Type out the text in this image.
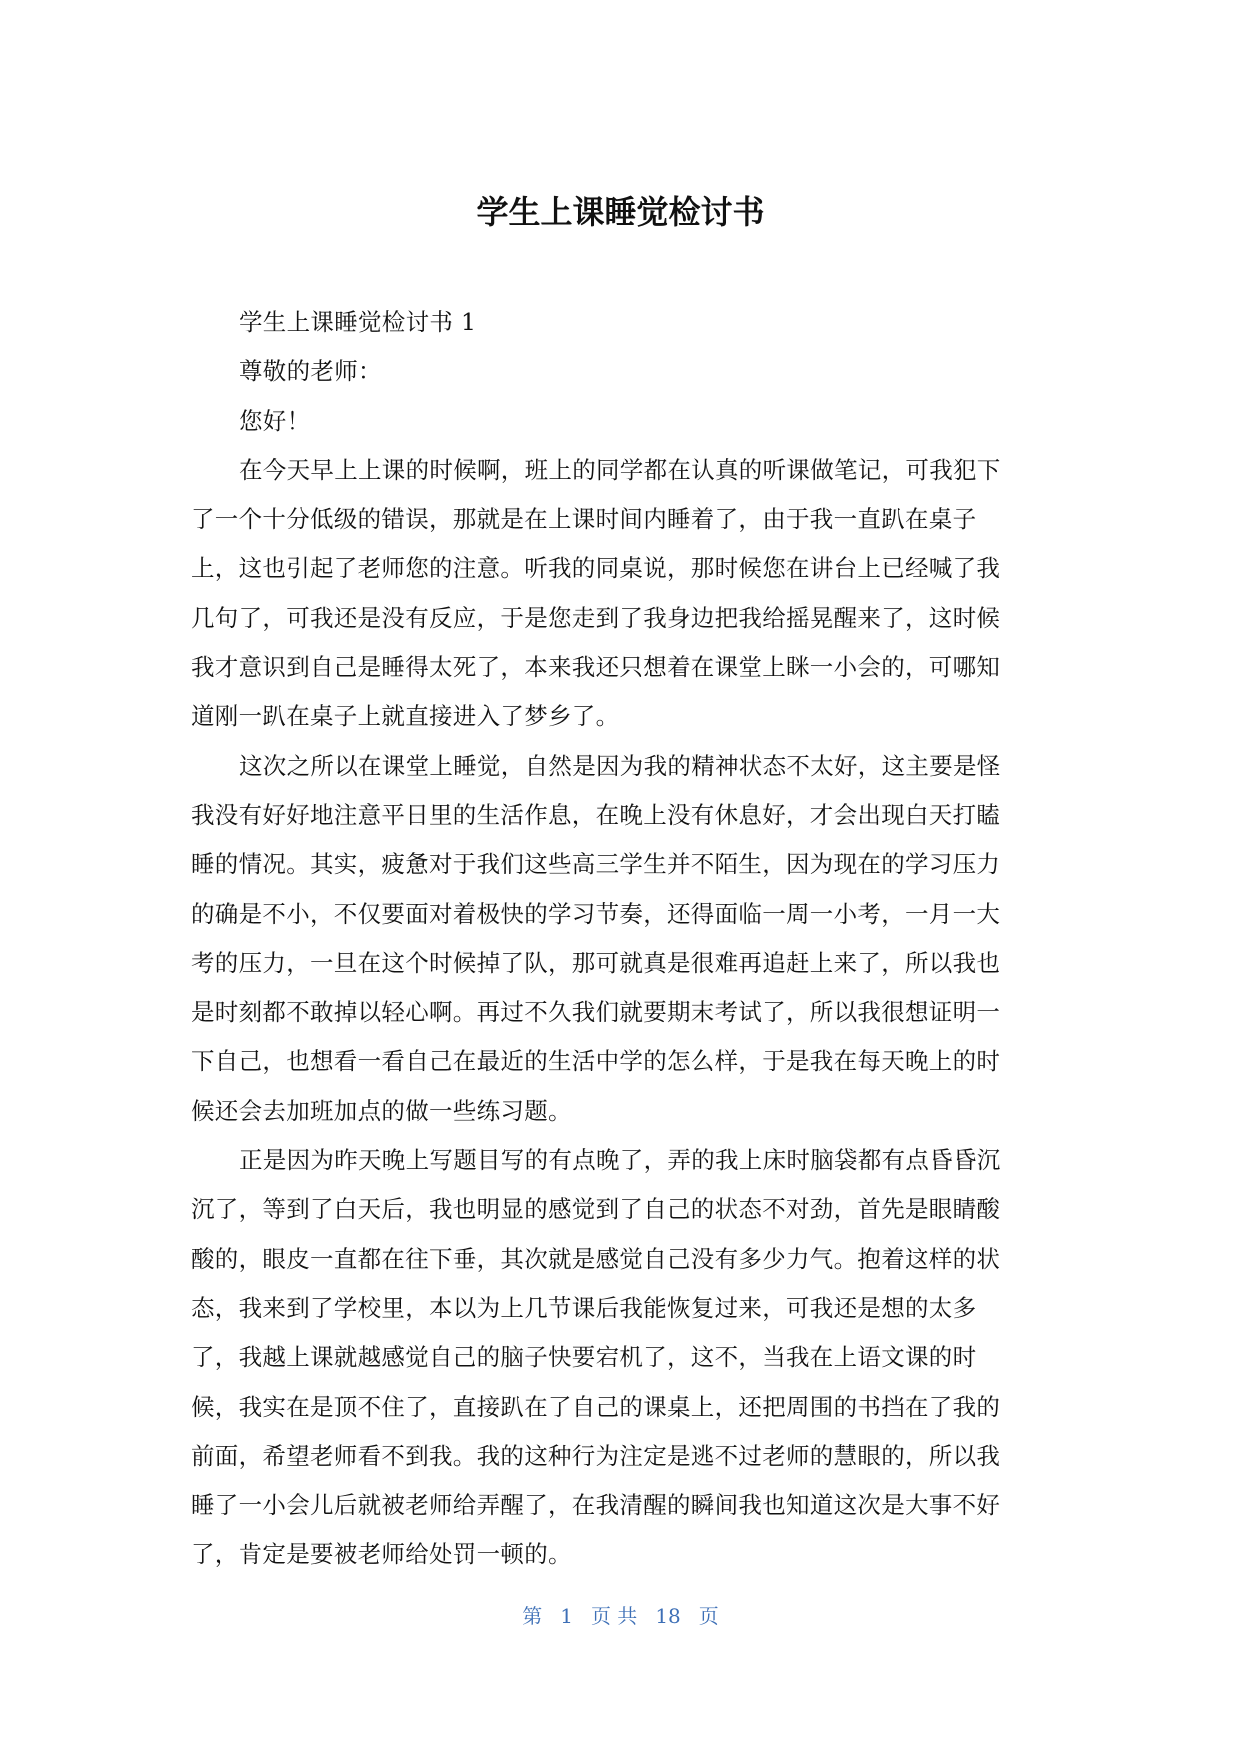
学生上课睡觉检讨书
学生上课睡觉检讨书 1
尊敬的老师：
您好！
在今天早上上课的时候啊，班上的同学都在认真的听课做笔记，可我犯下
了一个十分低级的错误，那就是在上课时间内睡着了，由于我一直趴在桌子
上，这也引起了老师您的注意。听我的同桌说，那时候您在讲台上已经喊了我
几句了，可我还是没有反应，于是您走到了我身边把我给摇晃醒来了，这时候
我才意识到自己是睡得太死了，本来我还只想着在课堂上眯一小会的，可哪知
道刚一趴在桌子上就直接进入了梦乡了。
这次之所以在课堂上睡觉，自然是因为我的精神状态不太好，这主要是怪
我没有好好地注意平日里的生活作息，在晚上没有休息好，才会出现白天打瞌
睡的情况。其实，疲惫对于我们这些高三学生并不陌生，因为现在的学习压力
的确是不小，不仅要面对着极快的学习节奏，还得面临一周一小考，一月一大
考的压力，一旦在这个时候掉了队，那可就真是很难再追赶上来了，所以我也
是时刻都不敢掉以轻心啊。再过不久我们就要期末考试了，所以我很想证明一
下自己，也想看一看自己在最近的生活中学的怎么样，于是我在每天晚上的时
候还会去加班加点的做一些练习题。
正是因为昨天晚上写题目写的有点晚了，弄的我上床时脑袋都有点昏昏沉
沉了，等到了白天后，我也明显的感觉到了自己的状态不对劲，首先是眼睛酸
酸的，眼皮一直都在往下垂，其次就是感觉自己没有多少力气。抱着这样的状
态，我来到了学校里，本以为上几节课后我能恢复过来，可我还是想的太多
了，我越上课就越感觉自己的脑子快要宕机了，这不，当我在上语文课的时
候，我实在是顶不住了，直接趴在了自己的课桌上，还把周围的书挡在了我的
前面，希望老师看不到我。我的这种行为注定是逃不过老师的慧眼的，所以我
睡了一小会儿后就被老师给弄醒了，在我清醒的瞬间我也知道这次是大事不好
了，肯定是要被老师给处罚一顿的。
第 1 页 共 18 页
